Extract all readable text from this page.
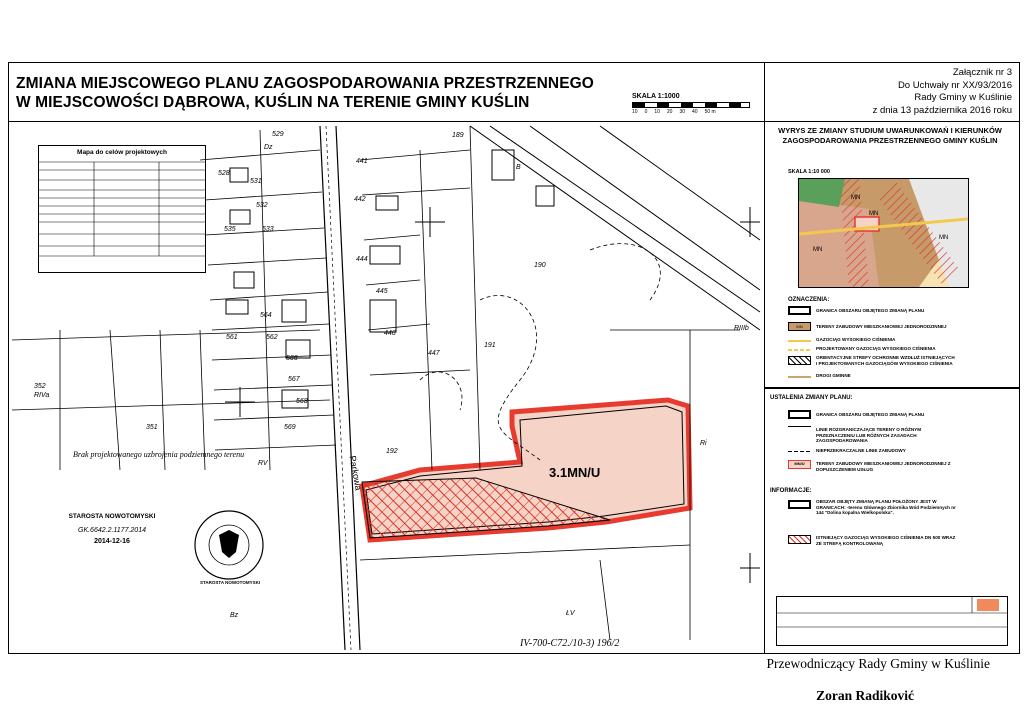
ZMIANA MIEJSCOWEGO PLANU ZAGOSPODAROWANIA PRZESTRZENNEGO
W MIEJSCOWOŚCI DĄBROWA, KUŚLIN NA TERENIE GMINY KUŚLIN	SKALA 1:1000
10 0 10 20 30 40 50 m
Załącznik nr 3
Do Uchwały nr XX/93/2016
Rady Gminy w Kuślinie
z dnia 13 października 2016 roku
3.1MN/U
Parkowa
529
528
531
532
533
535
561	562
564
566
567
568
569
441
442
444
445
446
447
189
190
191
192
351
352
RIVa
RIIIb
RV
Bz
B
Dz
Ri
ŁV
Mapa do celów projektowych
Brak projektowanego uzbrojenia podziemnego terenu
STAROSTA NOWOTOMYSKI
GK.6642.2.1177.2014
2014-12-16
STAROSTA NOWOTOMYSKI
IV-700-C72./10-3) 196/2
WYRYS ZE ZMIANY STUDIUM UWARUNKOWAŃ I KIERUNKÓW ZAGOSPODAROWANIA PRZESTRZENNEGO GMINY KUŚLIN
SKALA 1:10 000
MN
MN
MN
MN
OZNACZENIA:
GRANICA OBSZARU OBJĘTEGO ZMIANĄ PLANU
MN	TERENY ZABUDOWY MIESZKANIOWEJ JEDNORODZINNEJ
GAZOCIĄG WYSOKIEGO CIŚNIENIA
PROJEKTOWANY GAZOCIĄG WYSOKIEGO CIŚNIENIA
ORIENTACYJNE STREFY OCHRONNE WZDŁUŻ ISTNIEJĄCYCH I PROJEKTOWANYCH GAZOCIĄGÓW WYSOKIEGO CIŚNIENIA
DROGI GMINNE
USTALENIA ZMIANY PLANU:
GRANICA OBSZARU OBJĘTEGO ZMIANĄ PLANU
LINIE ROZGRANICZAJĄCE TERENY O RÓŻNYM PRZEZNACZENIU LUB RÓŻNYCH ZASADACH ZAGOSPODAROWANIA
NIEPRZEKRACZALNE LINIE ZABUDOWY
MN/U	TERENY ZABUDOWY MIESZKANIOWEJ JEDNORODZINNEJ Z DOPUSZCZENIEM USŁUG
INFORMACJE:
OBSZAR OBJĘTY ZMIANĄ PLANU POŁOŻONY JEST W GRANICACH: -terenu Głównego Zbiornika Wód Podziemnych nr 144 "Dolina kopalna Wielkopolska".
ISTNIEJĄCY GAZOCIĄG WYSOKIEGO CIŚNIENIA DN 500 WRAZ ZE STREFĄ KONTROLOWANĄ
Przewodniczący Rady Gminy w Kuślinie
Zoran Radiković
